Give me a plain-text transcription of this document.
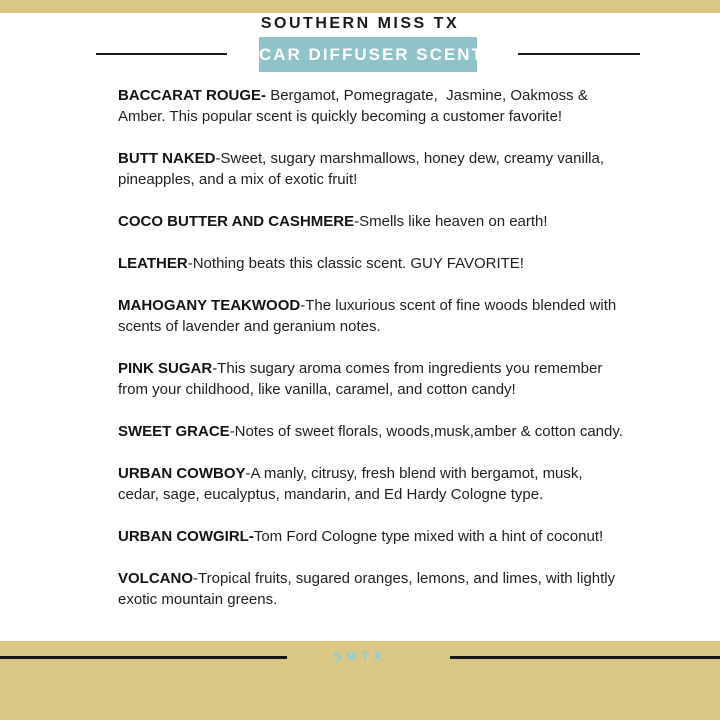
SOUTHERN MISS TX
CAR DIFFUSER SCENTS

BACCARAT ROUGE- Bergamot, Pomegragate,  Jasmine, Oakmoss & Amber. This popular scent is quickly becoming a customer favorite!

BUTT NAKED-Sweet, sugary marshmallows, honey dew, creamy vanilla, pineapples, and a mix of exotic fruit!

COCO BUTTER AND CASHMERE-Smells like heaven on earth!

LEATHER-Nothing beats this classic scent. GUY FAVORITE!

MAHOGANY TEAKWOOD-The luxurious scent of fine woods blended with scents of lavender and geranium notes.

PINK SUGAR-This sugary aroma comes from ingredients you remember from your childhood, like vanilla, caramel, and cotton candy!

SWEET GRACE-Notes of sweet florals, woods,musk,amber & cotton candy.

URBAN COWBOY-A manly, citrusy, fresh blend with bergamot, musk, cedar, sage, eucalyptus, mandarin, and Ed Hardy Cologne type.

URBAN COWGIRL-Tom Ford Cologne type mixed with a hint of coconut!

VOLCANO-Tropical fruits, sugared oranges, lemons, and limes, with lightly exotic mountain greens.

SMTX
